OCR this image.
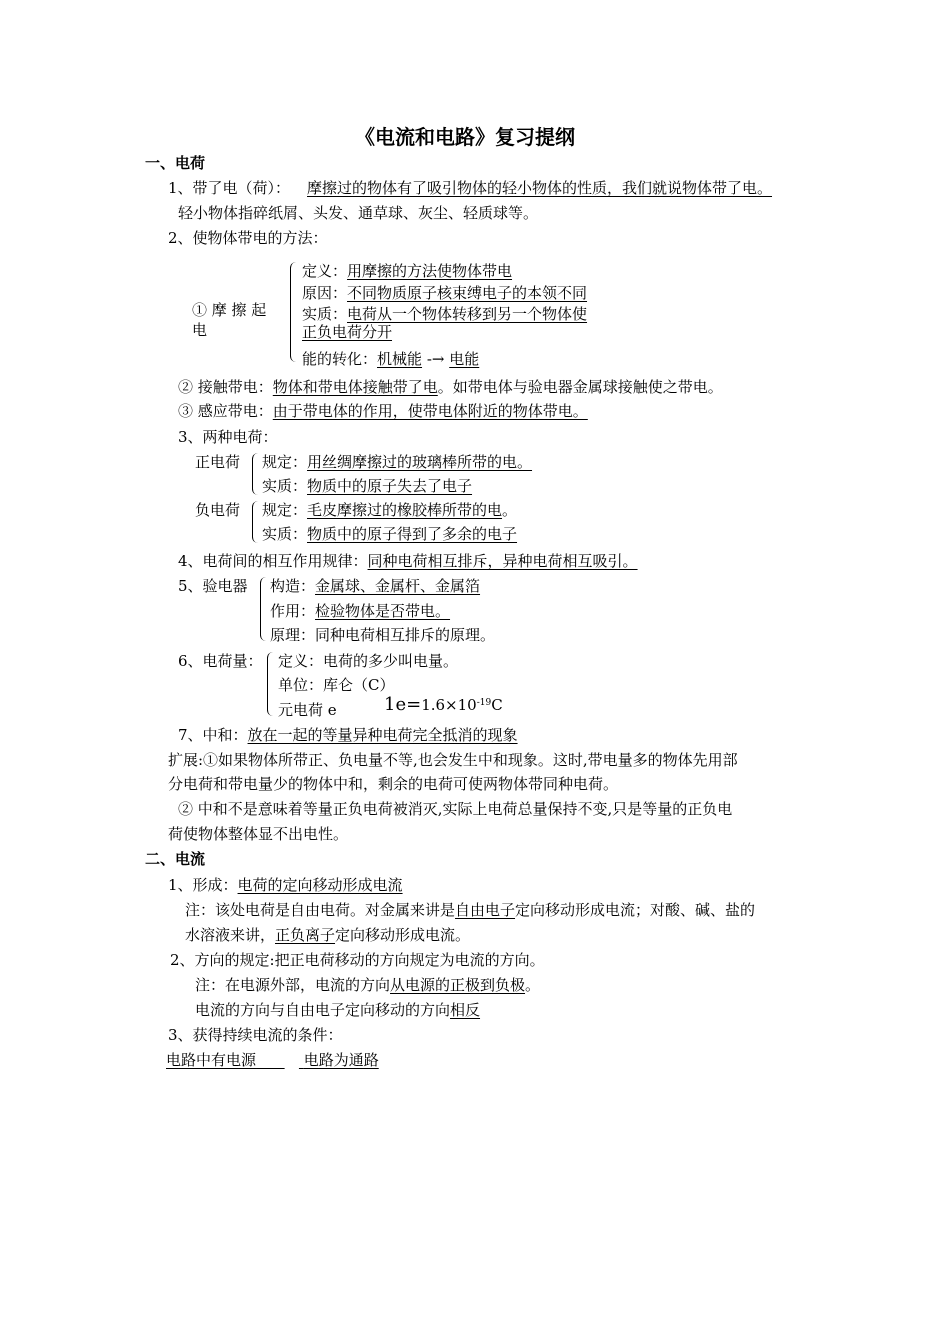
《电流和电路》复习提纲
一、电荷
1、带了电（荷）： 摩擦过的物体有了吸引物体的轻小物体的性质，我们就说物体带了电。
轻小物体指碎纸屑、头发、通草球、灰尘、轻质球等。
2、使物体带电的方法：
① 摩 擦 起
电
定义：用摩擦的方法使物体带电
原因：不同物质原子核束缚电子的本领不同
实质：电荷从一个物体转移到另一个物体使
正负电荷分开
能的转化：机械能 -→ 电能
② 接触带电：物体和带电体接触带了电。如带电体与验电器金属球接触使之带电。
③ 感应带电：由于带电体的作用，使带电体附近的物体带电。
3、两种电荷：
正电荷 规定：用丝绸摩擦过的玻璃棒所带的电。
实质：物质中的原子失去了电子
负电荷 规定：毛皮摩擦过的橡胶棒所带的电。
实质：物质中的原子得到了多余的电子
4、电荷间的相互作用规律：同种电荷相互排斥，异种电荷相互吸引。
5、验电器 构造：金属球、金属杆、金属箔
作用：检验物体是否带电。
原理：同种电荷相互排斥的原理。
6、电荷量： 定义：电荷的多少叫电量。
单位：库仑（C）
元电荷 e	$1e=1.6\times 10^{-19}C$
7、中和：放在一起的等量异种电荷完全抵消的现象
扩展:①如果物体所带正、负电量不等,也会发生中和现象。这时,带电量多的物体先用部
分电荷和带电量少的物体中和，剩余的电荷可使两物体带同种电荷。
② 中和不是意味着等量正负电荷被消灭,实际上电荷总量保持不变,只是等量的正负电
荷使物体整体显不出电性。
二、电流
1、形成：电荷的定向移动形成电流
注：该处电荷是自由电荷。对金属来讲是自由电子定向移动形成电流；对酸、碱、盐的
水溶液来讲，正负离子定向移动形成电流。
2、方向的规定:把正电荷移动的方向规定为电流的方向。
注：在电源外部，电流的方向从电源的正极到负极。
电流的方向与自由电子定向移动的方向相反
3、获得持续电流的条件：
电路中有电源	电路为通路
